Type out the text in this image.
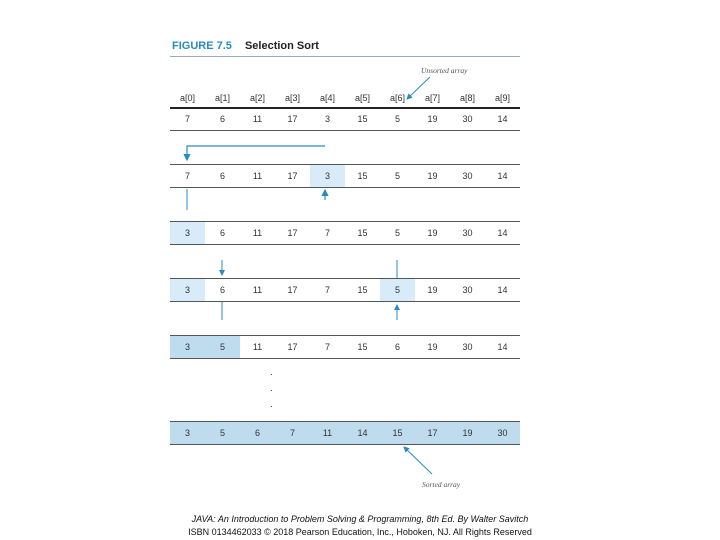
FIGURE 7.5 Selection Sort
Unsorted array
a[0]	a[1]	a[2]	a[3]	a[4]	a[5]	a[6]	a[7]	a[8]	a[9]
7	6	11	17	3	15	5	19	30	14
7	6	11	17	3	15	5	19	30	14
3	6	11	17	7	15	5	19	30	14
3	6	11	17	7	15	5	19	30	14
3	5	11	17	7	15	6	19	30	14
3	5	6	7	11	14	15	17	19	30
.
.
.
Sorted array
JAVA: An Introduction to Problem Solving & Programming, 8th Ed. By Walter Savitch
ISBN 0134462033 © 2018 Pearson Education, Inc., Hoboken, NJ. All Rights Reserved
